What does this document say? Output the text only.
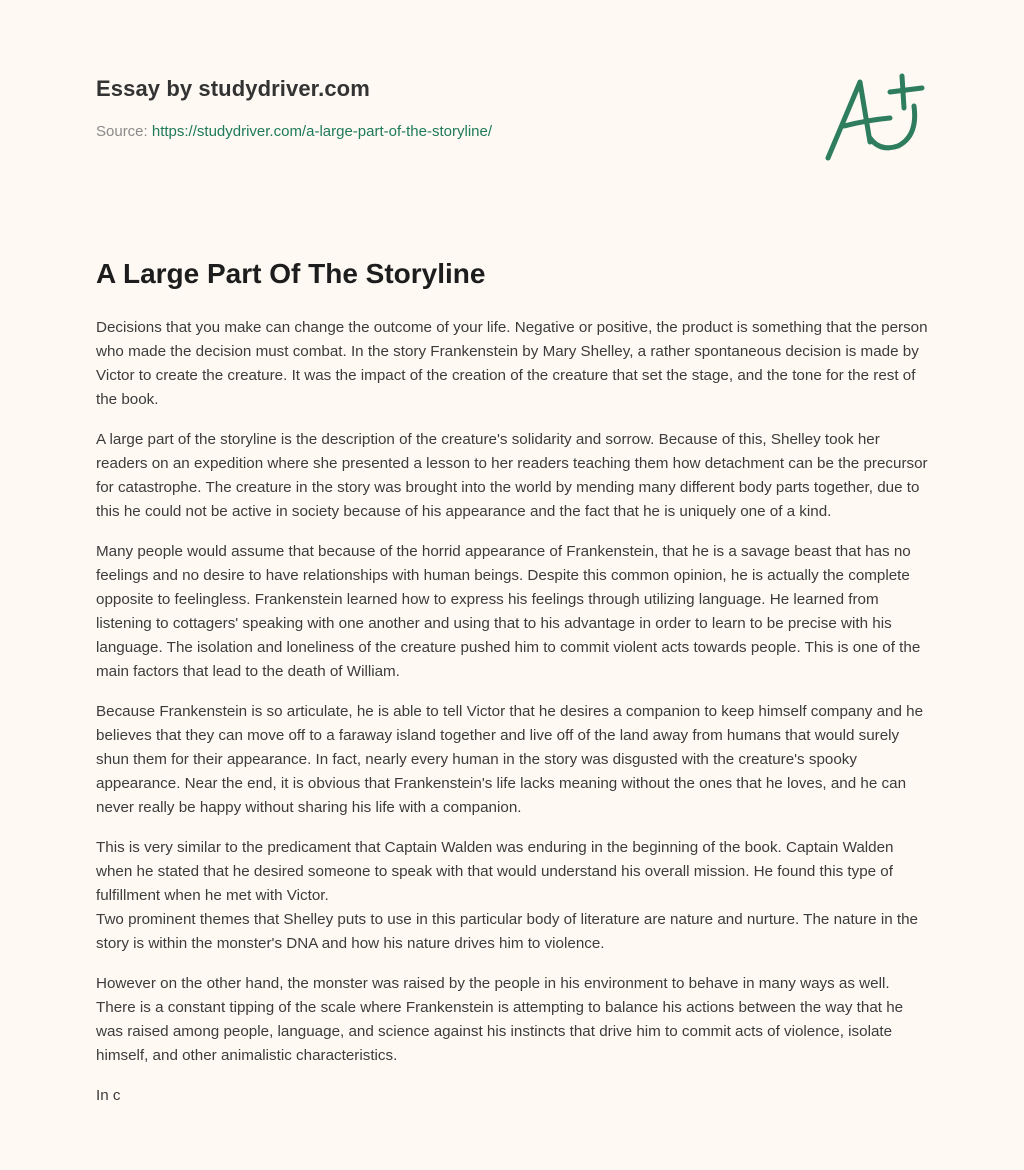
Essay by studydriver.com
Source: https://studydriver.com/a-large-part-of-the-storyline/
A Large Part Of The Storyline

Decisions that you make can change the outcome of your life. Negative or positive, the product is something that the person who made the decision must combat. In the story Frankenstein by Mary Shelley, a rather spontaneous decision is made by Victor to create the creature. It was the impact of the creation of the creature that set the stage, and the tone for the rest of the book.

A large part of the storyline is the description of the creature's solidarity and sorrow. Because of this, Shelley took her readers on an expedition where she presented a lesson to her readers teaching them how detachment can be the precursor for catastrophe. The creature in the story was brought into the world by mending many different body parts together, due to this he could not be active in society because of his appearance and the fact that he is uniquely one of a kind.

Many people would assume that because of the horrid appearance of Frankenstein, that he is a savage beast that has no feelings and no desire to have relationships with human beings. Despite this common opinion, he is actually the complete opposite to feelingless. Frankenstein learned how to express his feelings through utilizing language. He learned from listening to cottagers' speaking with one another and using that to his advantage in order to learn to be precise with his language. The isolation and loneliness of the creature pushed him to commit violent acts towards people. This is one of the main factors that lead to the death of William.

Because Frankenstein is so articulate, he is able to tell Victor that he desires a companion to keep himself company and he believes that they can move off to a faraway island together and live off of the land away from humans that would surely shun them for their appearance. In fact, nearly every human in the story was disgusted with the creature's spooky appearance. Near the end, it is obvious that Frankenstein's life lacks meaning without the ones that he loves, and he can never really be happy without sharing his life with a companion.

This is very similar to the predicament that Captain Walden was enduring in the beginning of the book. Captain Walden when he stated that he desired someone to speak with that would understand his overall mission. He found this type of fulfillment when he met with Victor.

Two prominent themes that Shelley puts to use in this particular body of literature are nature and nurture. The nature in the story is within the monster's DNA and how his nature drives him to violence.

However on the other hand, the monster was raised by the people in his environment to behave in many ways as well. There is a constant tipping of the scale where Frankenstein is attempting to balance his actions between the way that he was raised among people, language, and science against his instincts that drive him to commit acts of violence, isolate himself, and other animalistic characteristics.

In c
